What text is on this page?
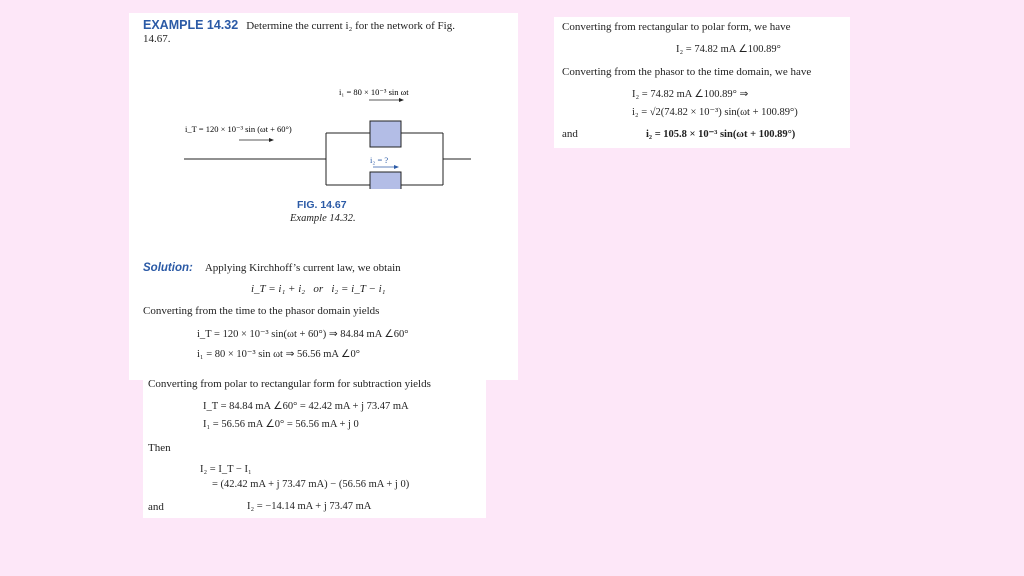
EXAMPLE 14.32 Determine the current i₂ for the network of Fig.
14.67.
i₁ = 80 × 10⁻³ sin ωt
i_T = 120 × 10⁻³ sin (ωt + 60°)
i₂ = ?
FIG. 14.67
Example 14.32.
Solution: Applying Kirchhoff’s current law, we obtain
i_T = i₁ + i₂   or   i₂ = i_T − i₁
Converting from the time to the phasor domain yields
i_T = 120 × 10⁻³ sin(ωt + 60°) ⇒ 84.84 mA ∠60°
i₁ = 80 × 10⁻³ sin ωt ⇒ 56.56 mA ∠0°
Converting from polar to rectangular form for subtraction yields
I_T = 84.84 mA ∠60° = 42.42 mA + j 73.47 mA
I₁ = 56.56 mA ∠0° = 56.56 mA + j 0
Then
I₂ = I_T − I₁
= (42.42 mA + j 73.47 mA) − (56.56 mA + j 0)
and	I₂ = −14.14 mA + j 73.47 mA
Converting from rectangular to polar form, we have
I₂ = 74.82 mA ∠100.89°
Converting from the phasor to the time domain, we have
I₂ = 74.82 mA ∠100.89° ⇒
i₂ = √2(74.82 × 10⁻³) sin(ωt + 100.89°)
and	i₂ = 105.8 × 10⁻³ sin(ωt + 100.89°)
